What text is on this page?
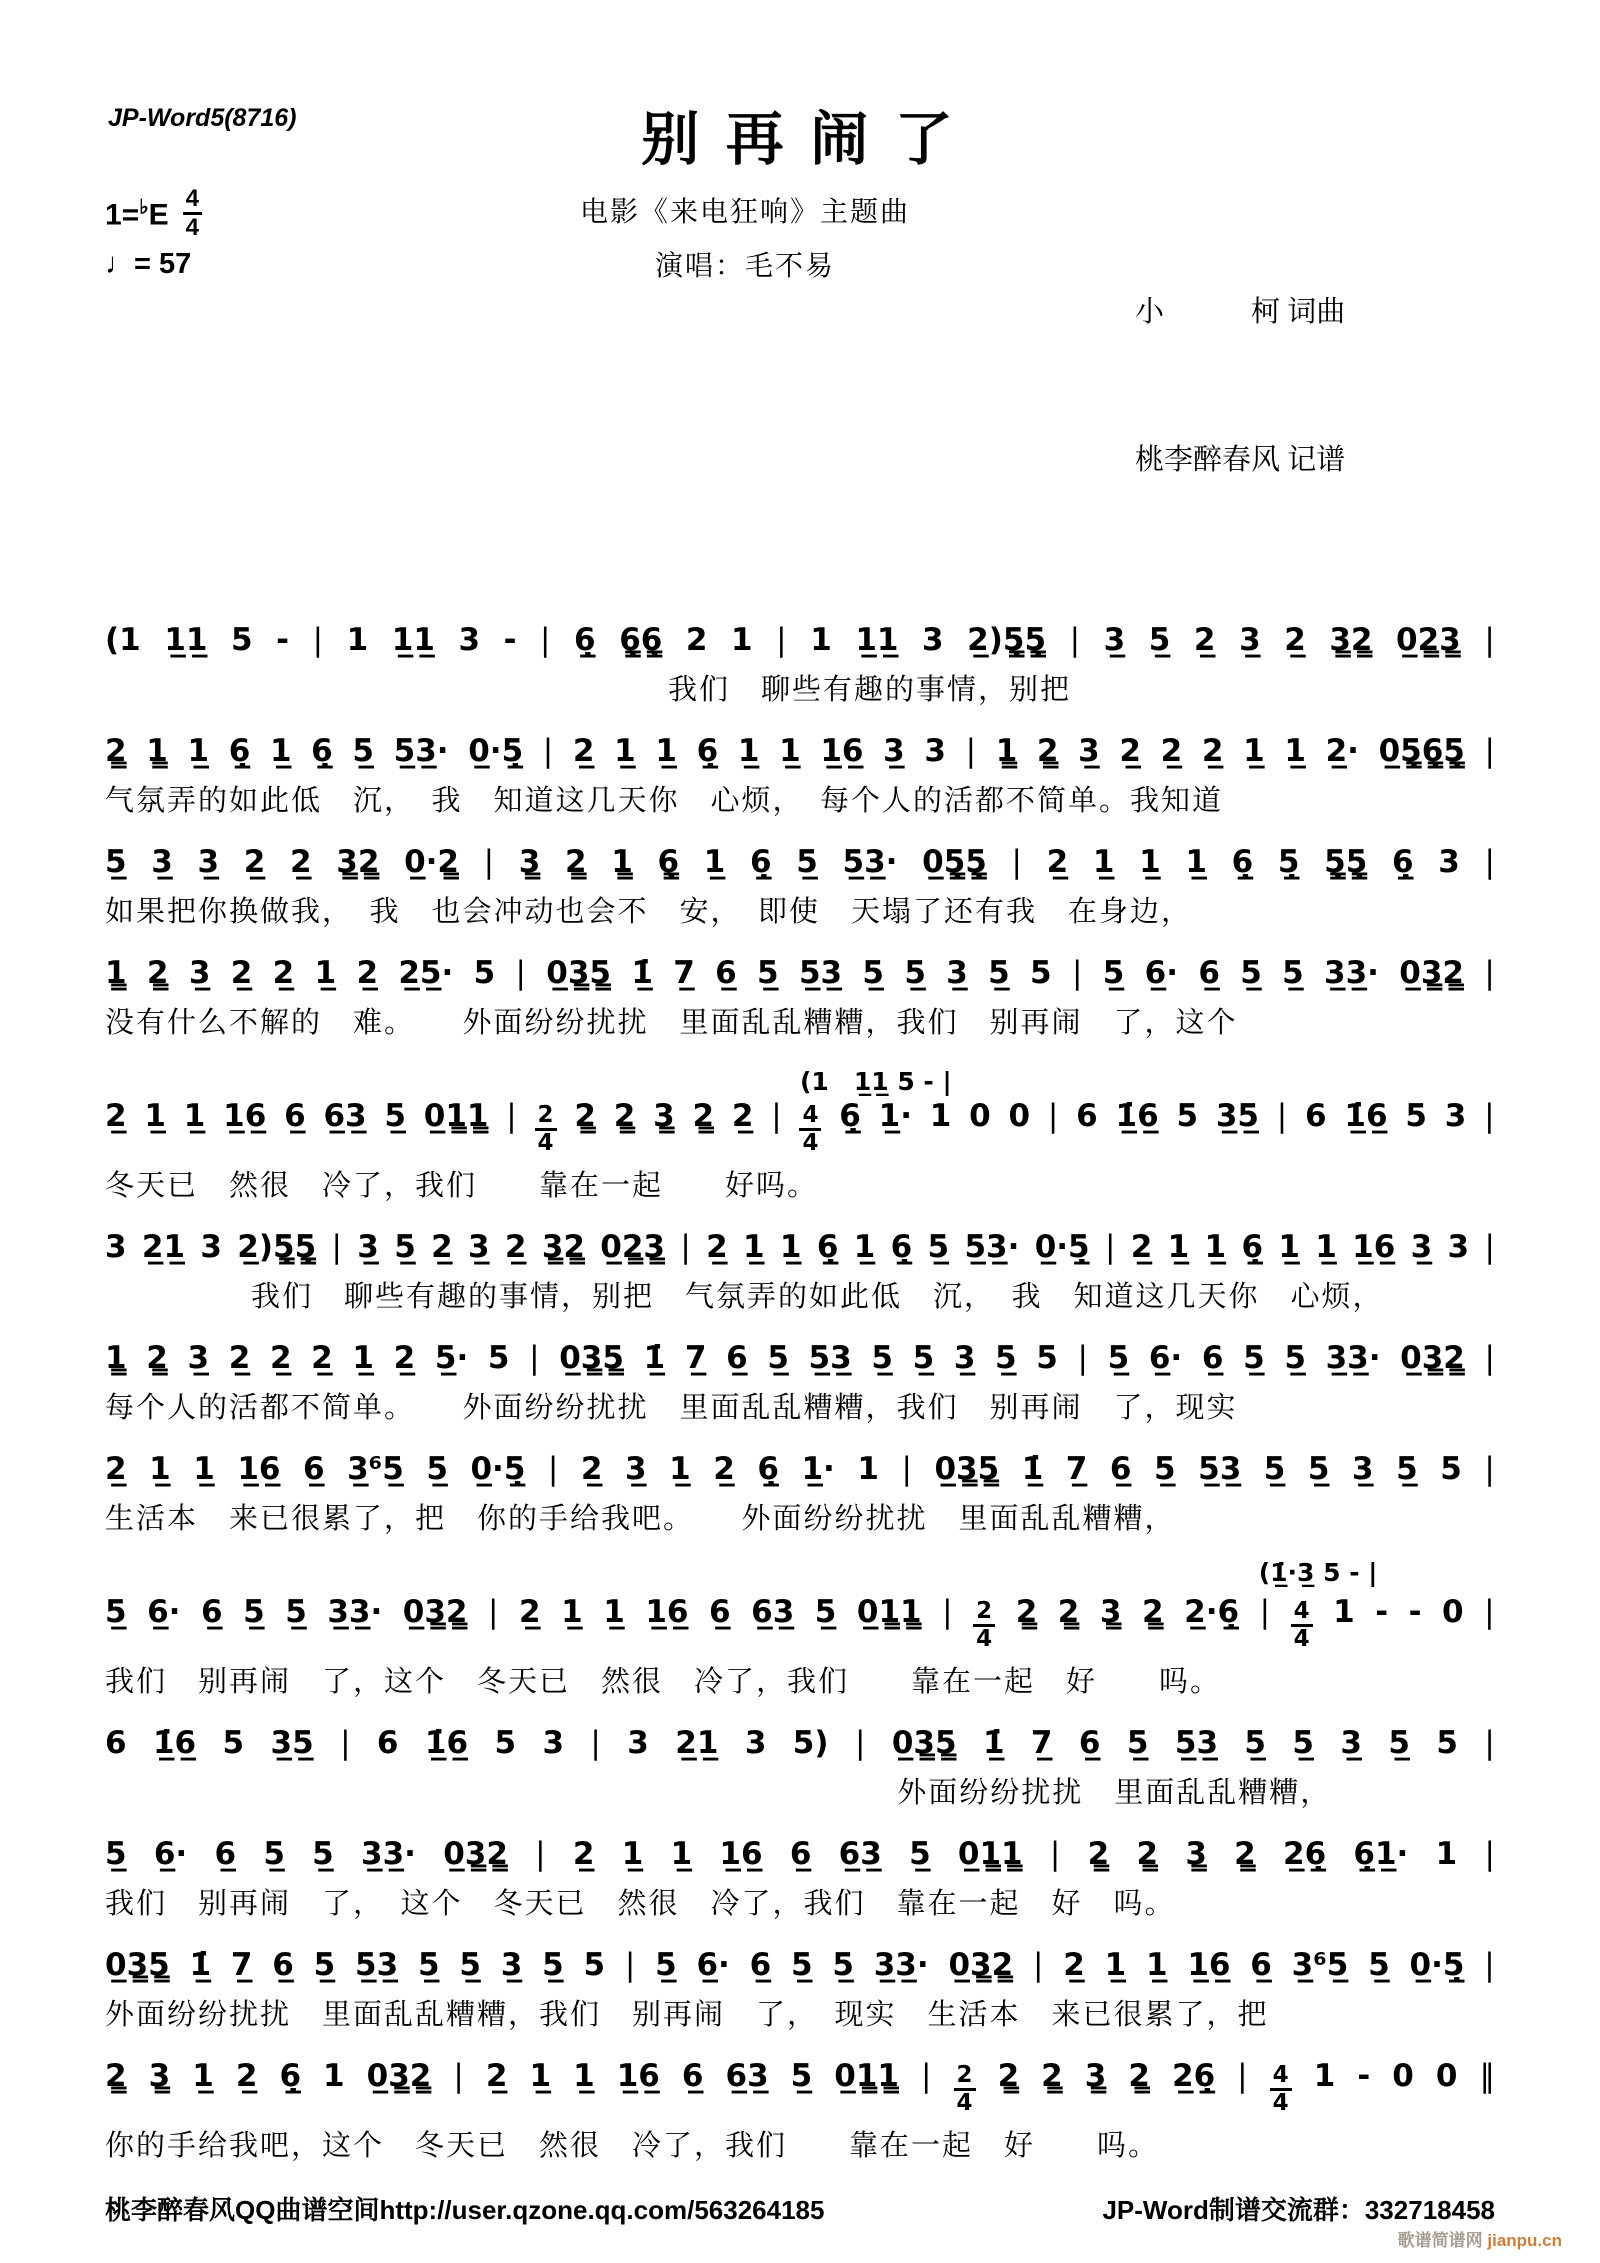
JP-Word5(8716)	别 再 闹 了
$1=^♭E \frac{4}{4}$
♩= 57
电影《来电狂响》主题曲
演唱：毛不易

小　　　柯 词曲

桃李醉春风 记谱

(1 1̲1̲ 5 - | 1 1̲1̲ 3 - | 6̲̣ 6̳̣6̳̣ 2 1 | 1 1̲1̲ 3 2̲)5̳̣5̳̣ | 3̲ 5̲ 2̲ 3̲ 2̲ 3̳2̳ 0̲2̳3̳ |
我们　聊些有趣的事情，别把
2̳ 1̳ 1̲ 6̲̣ 1̲ 6̲̣ 5̲ 5̲3̲· 0̲·5̲̣ | 2̲ 1̲ 1̲ 6̲̣ 1̲ 1̲ 1̲6̲ 3̲ 3 | 1̳ 2̳ 3̲ 2̲ 2̲ 2̲ 1̲ 1̲ 2̲· 0̲5̳̣6̳̣5̳̣ |
气氛弄的如此低　沉，　我　知道这几天你　心烦，　每个人的活都不简单。我知道
5̲ 3̲ 3̲ 2̲ 2̲ 3̳2̳ 0̲·2̳ | 3̳ 2̳ 1̳ 6̳̣ 1̲ 6̲̣ 5̲ 5̲3̲· 0̲5̳̣5̳̣ | 2̲ 1̲ 1̲ 1̲ 6̲̣ 5̲̣ 5̳̣5̳̣ 6̲̣ 3 |
如果把你换做我，　我　也会冲动也会不　安，　即使　天塌了还有我　在身边，
1̳ 2̳ 3̲ 2̲ 2̲ 1̲ 2̲ 2̲5̲· 5 | 0̲3̳5̳ 1̲̇ 7̲ 6̲ 5̲ 5̲3̲ 5̲ 5̲ 3̲ 5̲ 5 | 5̲ 6̲· 6̲ 5̲ 5̲ 3̲3̲· 0̲3̳2̳ |
没有什么不解的　难。　　外面纷纷扰扰　里面乱乱糟糟，我们　别再闹　了，这个
(1　1̲1̲ 5 - |
2̲ 1̲ 1̲ 1̲6̲ 6̲ 6̲3̲ 5̲ 0̲1̳1̳ | $\frac{2}{4}$ 2̳ 2̳ 3̳ 2̳ 2̲ | $\frac{4}{4}$ 6̲̣ 1̲· 1 0 0 | 6 1̲̇6̲ 5 3̲5̲ | 6 1̲̇6̲ 5 3 |
冬天已　然很　冷了，我们　　靠在一起　　好吗。
3 2̲1̲ 3 2̲)5̳̣5̳̣ | 3̲ 5̲ 2̲ 3̲ 2̲ 3̳2̳ 0̲2̳3̳ | 2̲ 1̲ 1̲ 6̲̣ 1̲ 6̲̣ 5̲ 5̲3̲· 0̲·5̲̣ | 2̲ 1̲ 1̲ 6̲̣ 1̲ 1̲ 1̲6̲ 3̲ 3 |
我们　聊些有趣的事情，别把　气氛弄的如此低　沉，　我　知道这几天你　心烦，
1̳ 2̳ 3̲ 2̲ 2̲ 2̲ 1̲ 2̲ 5̲· 5 | 0̲3̳5̳ 1̲̇ 7̲ 6̲ 5̲ 5̲3̲ 5̲ 5̲ 3̲ 5̲ 5 | 5̲ 6̲· 6̲ 5̲ 5̲ 3̲3̲· 0̲3̳2̳ |
每个人的活都不简单。　　外面纷纷扰扰　里面乱乱糟糟，我们　别再闹　了，现实
2̲ 1̲ 1̲ 1̲6̲ 6̲ 3̲⁶5̲ 5̲ 0̲·5̲̣ | 2̲ 3̲ 1̲ 2̲ 6̲̣ 1̲· 1 | 0̲3̳5̳ 1̲̇ 7̲ 6̲ 5̲ 5̲3̲ 5̲ 5̲ 3̲ 5̲ 5 |
生活本　来已很累了，把　你的手给我吧。　　外面纷纷扰扰　里面乱乱糟糟，
(1̲̇·3̲ 5 - |
5̲ 6̲· 6̲ 5̲ 5̲ 3̲3̲· 0̲3̳2̳ | 2̲ 1̲ 1̲ 1̲6̲ 6̲ 6̲3̲ 5̲ 0̲1̳1̳ | $\frac{2}{4}$ 2̳ 2̳ 3̳ 2̳ 2̲·6̲̣ | $\frac{4}{4} 1$ - - 0 |
我们　别再闹　了，这个　冬天已　然很　冷了，我们　　靠在一起　好　　吗。
6 1̲̇6̲ 5 3̲5̲ | 6 1̲̇6̲ 5 3 | 3 2̲1̲ 3 5) | 0̲3̳5̳ 1̲̇ 7̲ 6̲ 5̲ 5̲3̲ 5̲ 5̲ 3̲ 5̲ 5 |
外面纷纷扰扰　里面乱乱糟糟，
5̲ 6̲· 6̲ 5̲ 5̲ 3̲3̲· 0̲3̳2̳ | 2̲ 1̲ 1̲ 1̲6̲ 6̲ 6̲3̲ 5̲ 0̲1̳1̳ | 2̳ 2̳ 3̳ 2̳ 2̲6̲̣ 6̲̣1̲· 1 |
我们　别再闹　了，　这个　冬天已　然很　冷了，我们　靠在一起　好　吗。
0̲3̳5̳ 1̲̇ 7̲ 6̲ 5̲ 5̲3̲ 5̲ 5̲ 3̲ 5̲ 5 | 5̲ 6̲· 6̲ 5̲ 5̲ 3̲3̲· 0̲3̳2̳ | 2̲ 1̲ 1̲ 1̲6̲ 6̲ 3̲⁶5̲ 5̲ 0̲·5̲̣ |
外面纷纷扰扰　里面乱乱糟糟，我们　别再闹　了，　现实　生活本　来已很累了，把
2̳ 3̳ 1̲ 2̲ 6̲̣ 1 0̲3̳2̳ | 2̲ 1̲ 1̲ 1̲6̲ 6̲ 6̲3̲ 5̲ 0̲1̳1̳ | $\frac{2}{4}$ 2̳ 2̳ 3̳ 2̳ 2̲6̲̣ | $\frac{4}{4} 1 - 0$ 0 ‖
你的手给我吧，这个　冬天已　然很　冷了，我们　　靠在一起　好　　吗。
桃李醉春风QQ曲谱空间http://user.qzone.qq.com/563264185	JP-Word制谱交流群：332718458
歌谱简谱网 jianpu.cn
